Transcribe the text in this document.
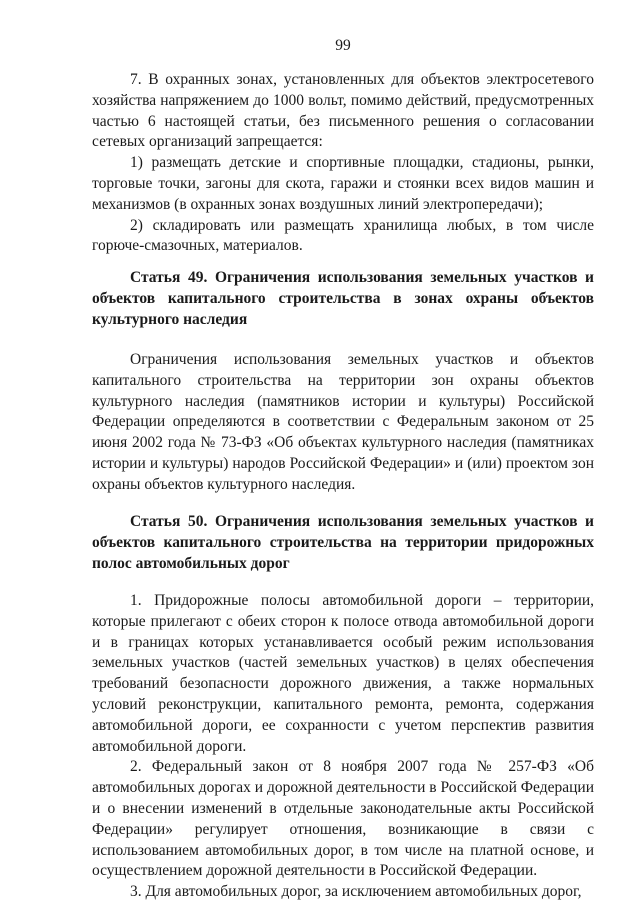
99

7. В охранных зонах, установленных для объектов электросетевого хозяйства напряжением до 1000 вольт, помимо действий, предусмотренных частью 6 настоящей статьи, без письменного решения о согласовании сетевых организаций запрещается:

1) размещать детские и спортивные площадки, стадионы, рынки, торговые точки, загоны для скота, гаражи и стоянки всех видов машин и механизмов (в охранных зонах воздушных линий электропередачи);

2) складировать или размещать хранилища любых, в том числе горюче-смазочных, материалов.

Статья 49. Ограничения использования земельных участков и объектов капитального строительства в зонах охраны объектов культурного наследия

Ограничения использования земельных участков и объектов капитального строительства на территории зон охраны объектов культурного наследия (памятников истории и культуры) Российской Федерации определяются в соответствии с Федеральным законом от 25 июня 2002 года № 73-ФЗ «Об объектах культурного наследия (памятниках истории и культуры) народов Российской Федерации» и (или) проектом зон охраны объектов культурного наследия.

Статья 50. Ограничения использования земельных участков и объектов капитального строительства на территории придорожных полос автомобильных дорог

1. Придорожные полосы автомобильной дороги – территории, которые прилегают с обеих сторон к полосе отвода автомобильной дороги и в границах которых устанавливается особый режим использования земельных участков (частей земельных участков) в целях обеспечения требований безопасности дорожного движения, а также нормальных условий реконструкции, капитального ремонта, ремонта, содержания автомобильной дороги, ее сохранности с учетом перспектив развития автомобильной дороги.

2. Федеральный закон от 8 ноября 2007 года № 257-ФЗ «Об автомобильных дорогах и дорожной деятельности в Российской Федерации и о внесении изменений в отдельные законодательные акты Российской Федерации» регулирует отношения, возникающие в связи с использованием автомобильных дорог, в том числе на платной основе, и осуществлением дорожной деятельности в Российской Федерации.

3. Для автомобильных дорог, за исключением автомобильных дорог,
